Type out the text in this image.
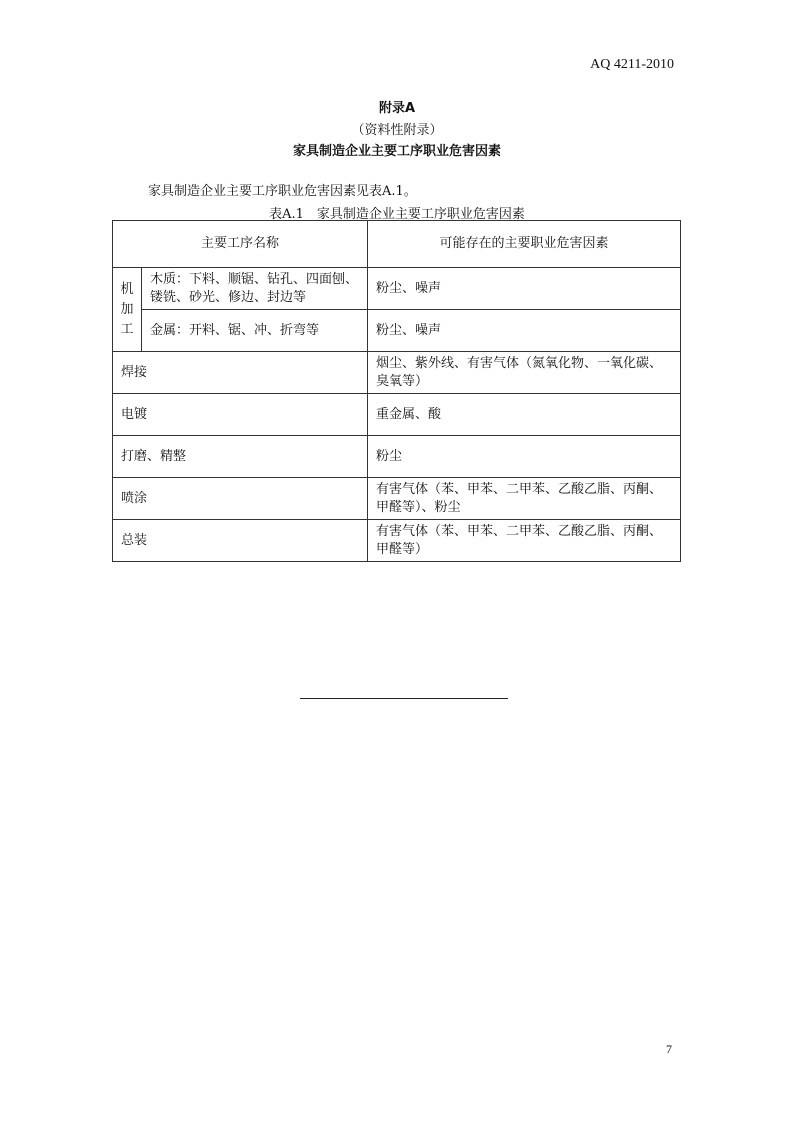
AQ 4211-2010
附录A
（资料性附录）
家具制造企业主要工序职业危害因素
家具制造企业主要工序职业危害因素见表A.1。
表A.1　家具制造企业主要工序职业危害因素
主要工序名称		可能存在的主要职业危害因素

机
加
工	木质：下料、顺锯、钻孔、四面刨、镂铣、砂光、修边、封边等	粉尘、噪声
	金属：开料、锯、冲、折弯等	粉尘、噪声
焊接		烟尘、紫外线、有害气体（氮氧化物、一氧化碳、臭氧等）
电镀		重金属、酸
打磨、精整		粉尘
喷涂		有害气体（苯、甲苯、二甲苯、乙酸乙脂、丙酮、甲醛等）、粉尘
总装		有害气体（苯、甲苯、二甲苯、乙酸乙脂、丙酮、甲醛等）
7
